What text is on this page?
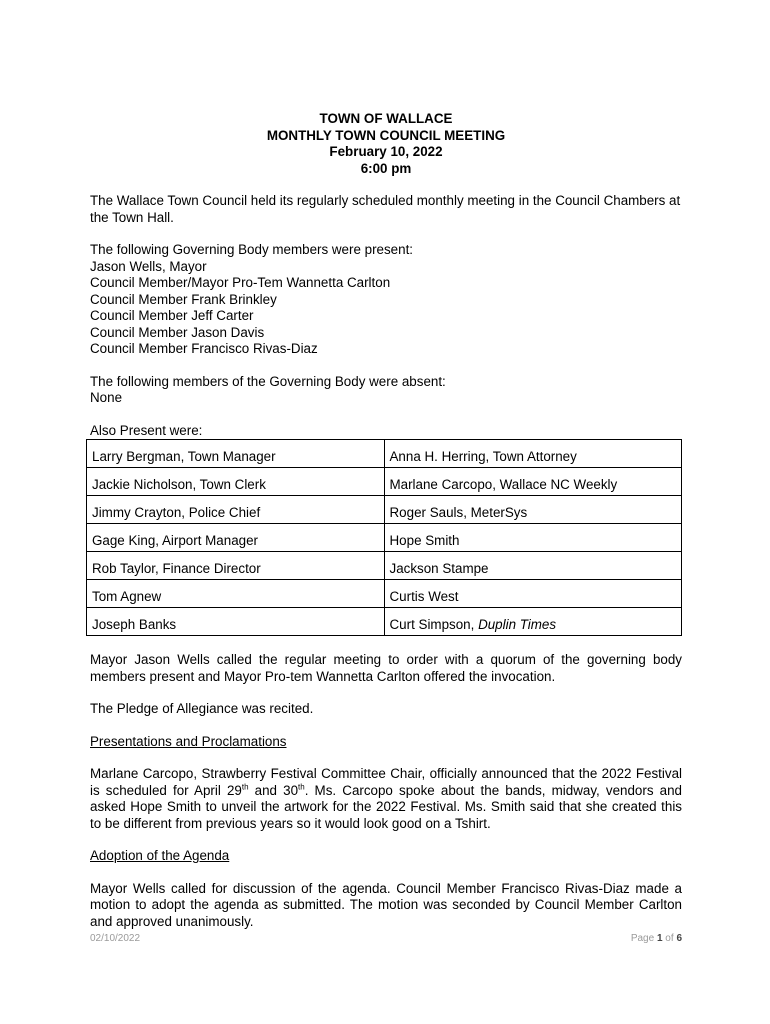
TOWN OF WALLACE
MONTHLY TOWN COUNCIL MEETING
February 10, 2022
6:00 pm

The Wallace Town Council held its regularly scheduled monthly meeting in the Council Chambers at the Town Hall.

The following Governing Body members were present:

Jason Wells, Mayor

Council Member/Mayor Pro-Tem Wannetta Carlton

Council Member Frank Brinkley

Council Member Jeff Carter

Council Member Jason Davis

Council Member Francisco Rivas-Diaz

The following members of the Governing Body were absent:

None

Also Present were:

Larry Bergman, Town Manager	Anna H. Herring, Town Attorney
Jackie Nicholson, Town Clerk	Marlane Carcopo, Wallace NC Weekly
Jimmy Crayton, Police Chief	Roger Sauls, MeterSys
Gage King, Airport Manager	Hope Smith
Rob Taylor, Finance Director	Jackson Stampe
Tom Agnew	Curtis West
Joseph Banks	Curt Simpson, Duplin Times

Mayor Jason Wells called the regular meeting to order with a quorum of the governing body members present and Mayor Pro-tem Wannetta Carlton offered the invocation.

The Pledge of Allegiance was recited.

Presentations and Proclamations

Marlane Carcopo, Strawberry Festival Committee Chair, officially announced that the 2022 Festival is scheduled for April 29th and 30th. Ms. Carcopo spoke about the bands, midway, vendors and asked Hope Smith to unveil the artwork for the 2022 Festival. Ms. Smith said that she created this to be different from previous years so it would look good on a Tshirt.

Adoption of the Agenda

Mayor Wells called for discussion of the agenda. Council Member Francisco Rivas-Diaz made a motion to adopt the agenda as submitted. The motion was seconded by Council Member Carlton and approved unanimously.

02/10/2022	Page 1 of 6
